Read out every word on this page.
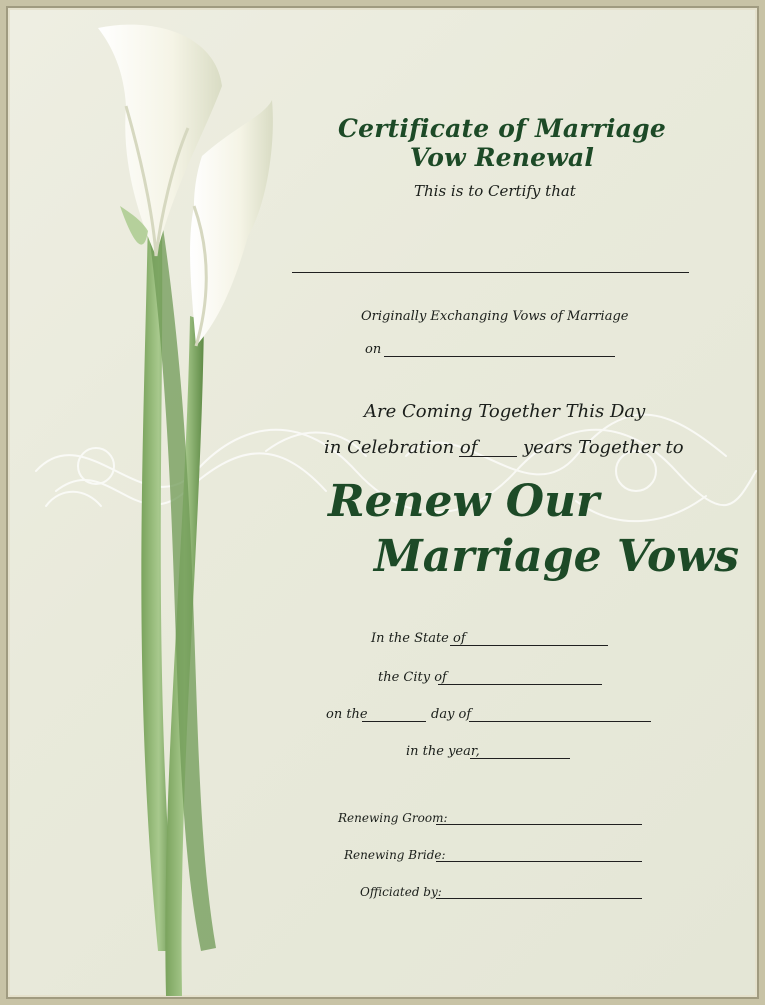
Certificate of Marriage Vow Renewal
This is to Certify that
Originally Exchanging Vows of Marriage
on
Are Coming Together This Day
in Celebration of	years Together to
Renew Our
Marriage Vows
In the State of
the City of
on the	day of
in the year,
Renewing Groom:
Renewing Bride:
Officiated by:
